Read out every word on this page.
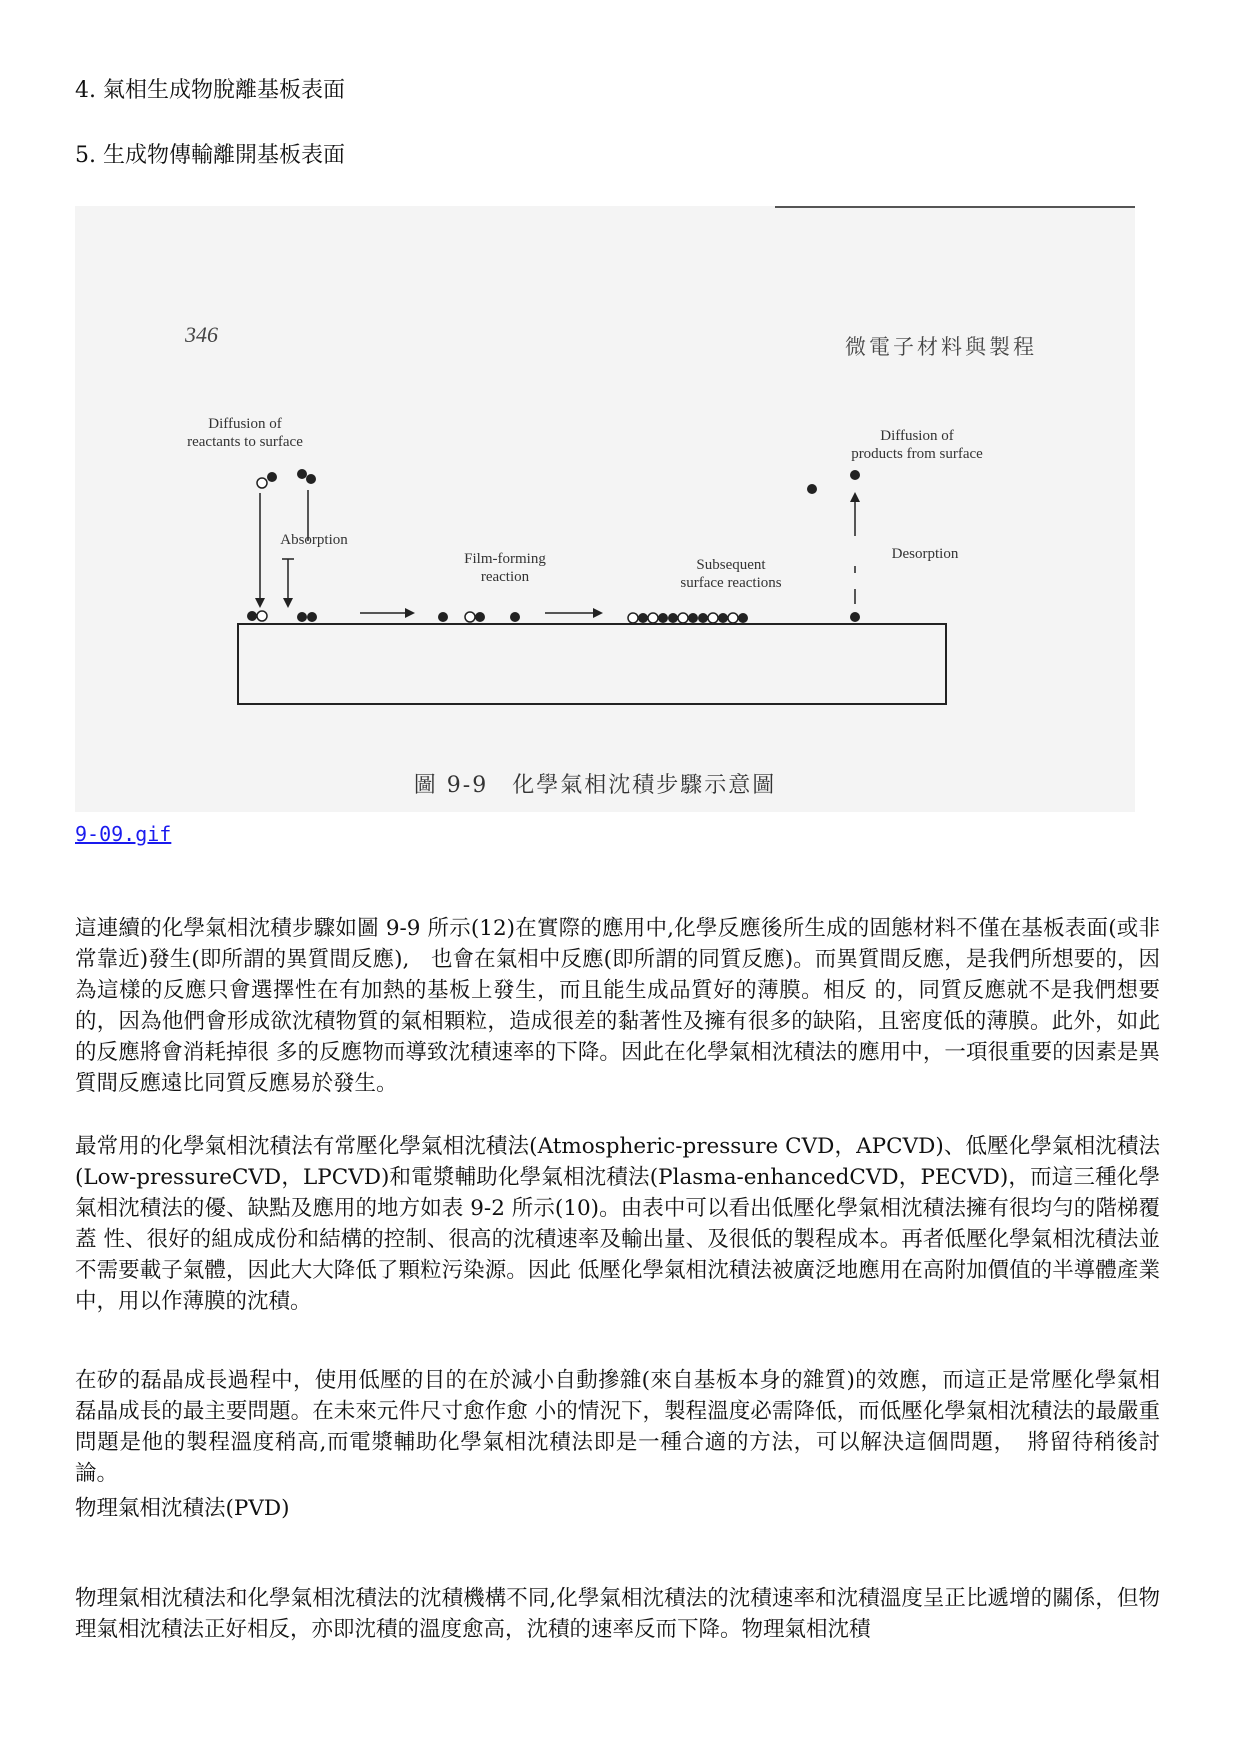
4. 氣相生成物脫離基板表面

5. 生成物傳輸離開基板表面

346	微電子材料與製程
Diffusion of
reactants to surface
Absorption
Film-forming
reaction
Subsequent
surface reactions
Diffusion of
products from surface
Desorption
圖 9-9　化學氣相沈積步驟示意圖
9-09.gif

這連續的化學氣相沈積步驟如圖 9-9 所示(12)在實際的應用中,化學反應後所生成的固態材料不僅在基板表面(或非常靠近)發生(即所謂的異質間反應),　也會在氣相中反應(即所謂的同質反應)。而異質間反應，是我們所想要的，因為這樣的反應只會選擇性在有加熱的基板上發生，而且能生成品質好的薄膜。相反 的，同質反應就不是我們想要的，因為他們會形成欲沈積物質的氣相顆粒，造成很差的黏著性及擁有很多的缺陷，且密度低的薄膜。此外，如此的反應將會消耗掉很 多的反應物而導致沈積速率的下降。因此在化學氣相沈積法的應用中，一項很重要的因素是異質間反應遠比同質反應易於發生。

最常用的化學氣相沈積法有常壓化學氣相沈積法(Atmospheric-pressure CVD，APCVD)、低壓化學氣相沈積法(Low-pressureCVD，LPCVD)和電漿輔助化學氣相沈積法(Plasma-enhancedCVD，PECVD)，而這三種化學氣相沈積法的優、缺點及應用的地方如表 9-2 所示(10)。由表中可以看出低壓化學氣相沈積法擁有很均勻的階梯覆蓋 性、很好的組成成份和結構的控制、很高的沈積速率及輸出量、及很低的製程成本。再者低壓化學氣相沈積法並不需要載子氣體，因此大大降低了顆粒污染源。因此 低壓化學氣相沈積法被廣泛地應用在高附加價值的半導體產業中，用以作薄膜的沈積。

在矽的磊晶成長過程中，使用低壓的目的在於減小自動摻雜(來自基板本身的雜質)的效應，而這正是常壓化學氣相磊晶成長的最主要問題。在未來元件尺寸愈作愈 小的情況下，製程溫度必需降低，而低壓化學氣相沈積法的最嚴重問題是他的製程溫度稍高,而電漿輔助化學氣相沈積法即是一種合適的方法，可以解決這個問題，　將留待稍後討論。

物理氣相沈積法(PVD)

物理氣相沈積法和化學氣相沈積法的沈積機構不同,化學氣相沈積法的沈積速率和沈積溫度呈正比遞增的關係，但物理氣相沈積法正好相反，亦即沈積的溫度愈高，沈積的速率反而下降。物理氣相沈積
